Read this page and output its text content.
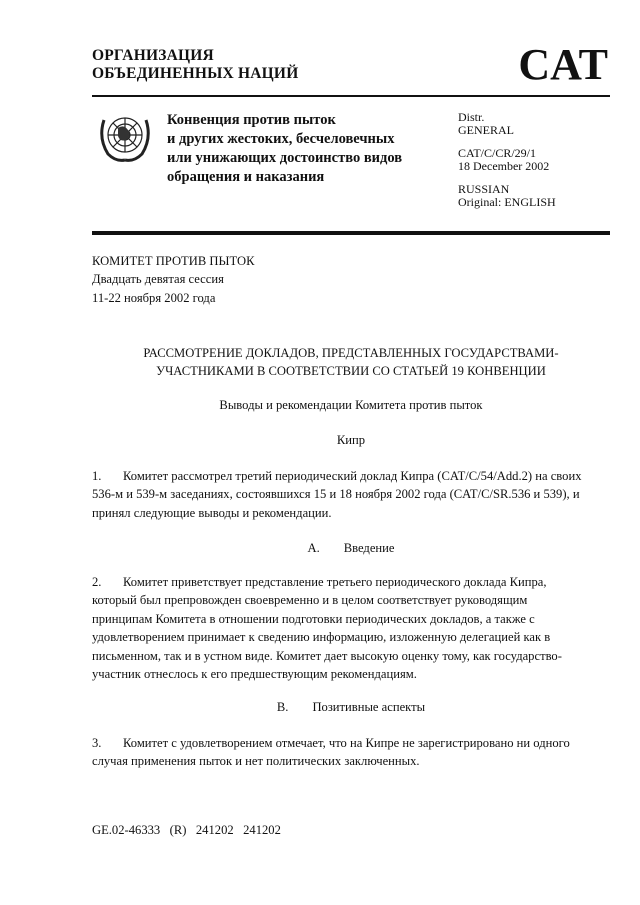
ОРГАНИЗАЦИЯ
ОБЪЕДИНЕННЫХ НАЦИЙ	CAT
Конвенция против пыток
и других жестоких, бесчеловечных
или унижающих достоинство видов
обращения и наказания
Distr.
GENERAL
CAT/C/CR/29/1
18 December 2002
RUSSIAN
Original: ENGLISH
КОМИТЕТ ПРОТИВ ПЫТОК
Двадцать девятая сессия
11-22 ноября 2002 года
РАССМОТРЕНИЕ ДОКЛАДОВ, ПРЕДСТАВЛЕННЫХ ГОСУДАРСТВАМИ-
УЧАСТНИКАМИ В СООТВЕТСТВИИ СО СТАТЬЕЙ 19 КОНВЕНЦИИ
Выводы и рекомендации Комитета против пыток
Кипр
1. Комитет рассмотрел третий периодический доклад Кипра (CAT/C/54/Add.2) на своих
536-м и 539-м заседаниях, состоявшихся 15 и 18 ноября 2002 года (CAT/C/SR.536 и 539), и
принял следующие выводы и рекомендации.
A. Введение
2. Комитет приветствует представление третьего периодического доклада Кипра,
который был препровожден своевременно и в целом соответствует руководящим
принципам Комитета в отношении подготовки периодических докладов, а также с
удовлетворением принимает к сведению информацию, изложенную делегацией как в
письменном, так и в устном виде. Комитет дает высокую оценку тому, как государство-
участник отнеслось к его предшествующим рекомендациям.
B. Позитивные аспекты
3. Комитет с удовлетворением отмечает, что на Кипре не зарегистрировано ни одного
случая применения пыток и нет политических заключенных.
GE.02-46333   (R)   241202   241202
